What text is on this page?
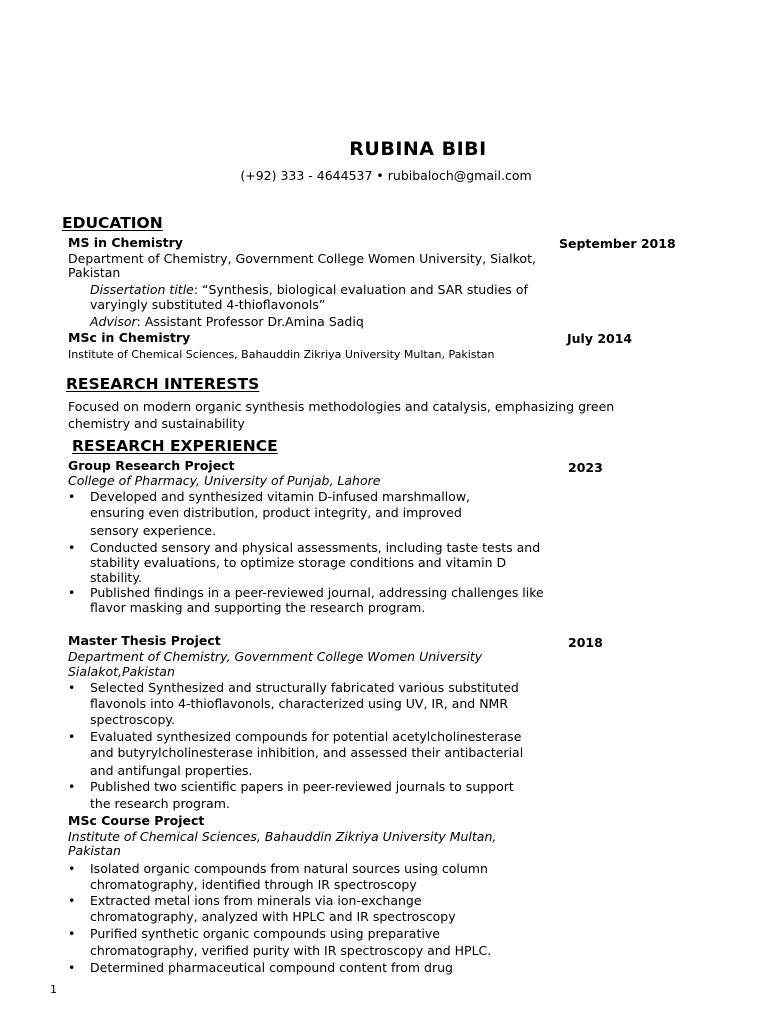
RUBINA BIBI
(+92) 333 - 4644537 • rubibaloch@gmail.com
EDUCATION
MS in Chemistry	September 2018
Department of Chemistry, Government College Women University, Sialkot,
Pakistan
Dissertation title: “Synthesis, biological evaluation and SAR studies of
varyingly substituted 4-thioflavonols”
Advisor: Assistant Professor Dr.Amina Sadiq
MSc in Chemistry	July 2014
Institute of Chemical Sciences, Bahauddin Zikriya University Multan, Pakistan
RESEARCH INTERESTS
Focused on modern organic synthesis methodologies and catalysis, emphasizing green
chemistry and sustainability
RESEARCH EXPERIENCE
Group Research Project	2023
College of Pharmacy, University of Punjab, Lahore
• Developed and synthesized vitamin D-infused marshmallow,
ensuring even distribution, product integrity, and improved
sensory experience.
• Conducted sensory and physical assessments, including taste tests and
stability evaluations, to optimize storage conditions and vitamin D
stability.
• Published findings in a peer-reviewed journal, addressing challenges like
flavor masking and supporting the research program.
Master Thesis Project	2018
Department of Chemistry, Government College Women University
Sialakot,Pakistan
• Selected Synthesized and structurally fabricated various substituted
flavonols into 4-thioflavonols, characterized using UV, IR, and NMR
spectroscopy.
• Evaluated synthesized compounds for potential acetylcholinesterase
and butyrylcholinesterase inhibition, and assessed their antibacterial
and antifungal properties.
• Published two scientific papers in peer-reviewed journals to support
the research program.
MSc Course Project
Institute of Chemical Sciences, Bahauddin Zikriya University Multan,
Pakistan
• Isolated organic compounds from natural sources using column
chromatography, identified through IR spectroscopy
• Extracted metal ions from minerals via ion-exchange
chromatography, analyzed with HPLC and IR spectroscopy
• Purified synthetic organic compounds using preparative
chromatography, verified purity with IR spectroscopy and HPLC.
• Determined pharmaceutical compound content from drug
1
